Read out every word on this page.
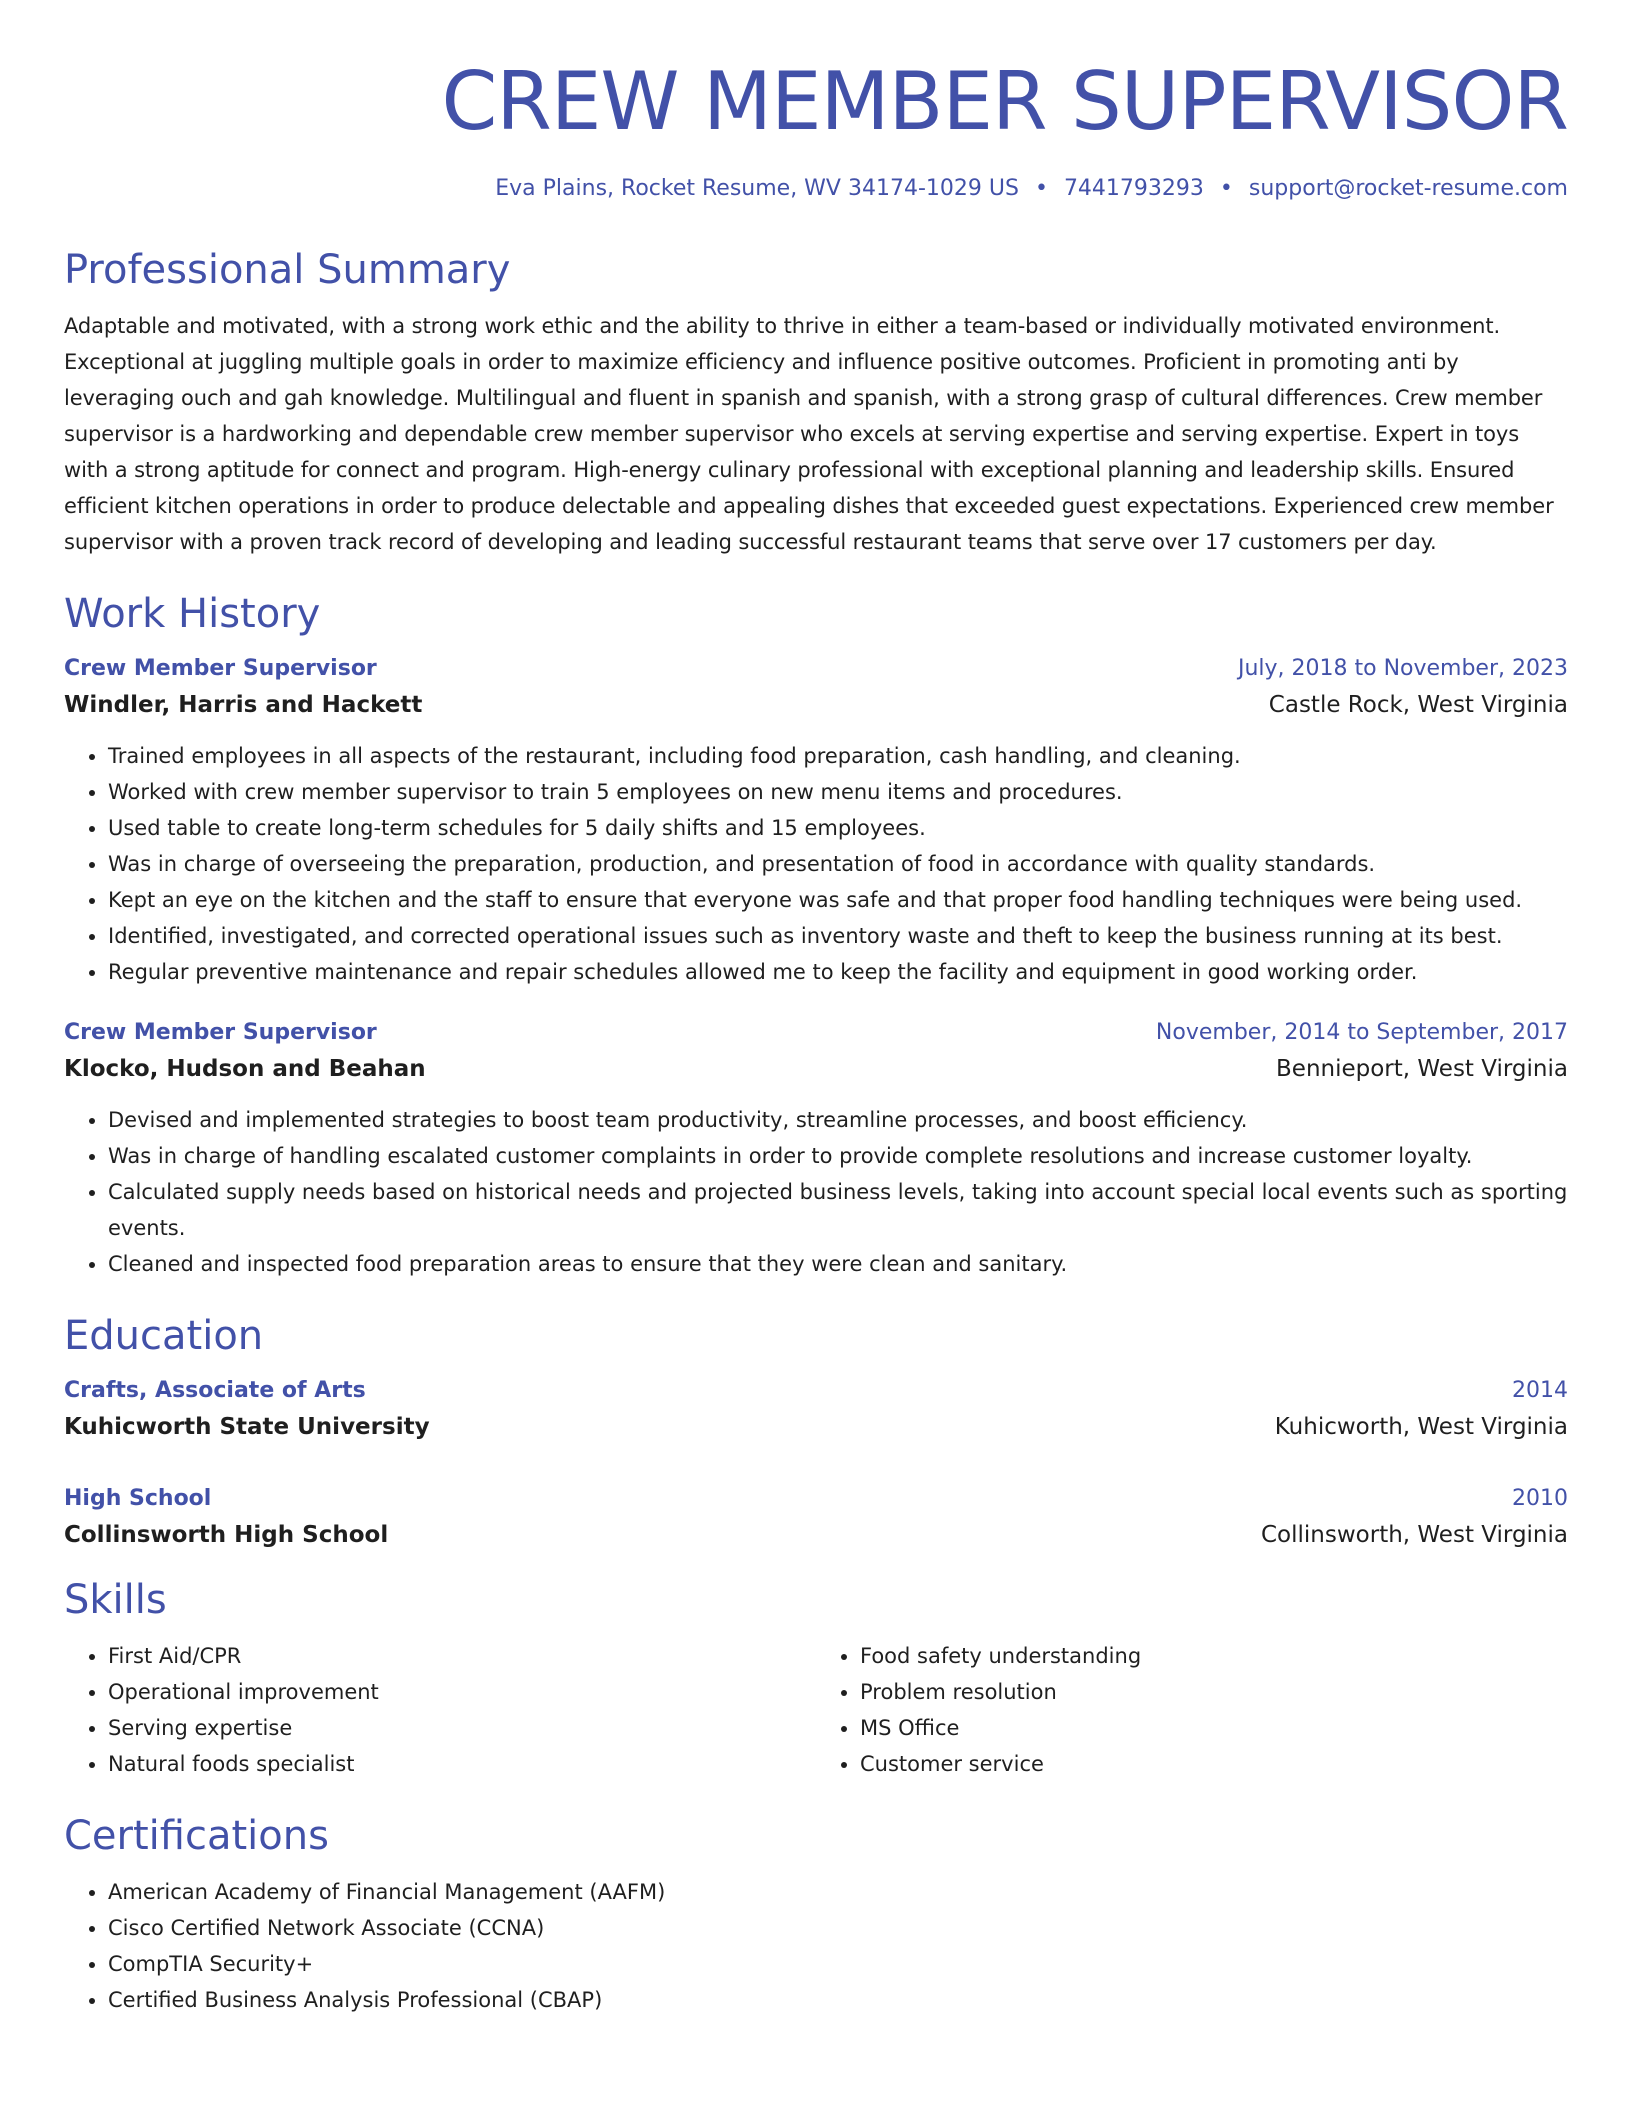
CREW MEMBER SUPERVISOR
Eva Plains, Rocket Resume, WV 34174-1029 US • 7441793293 • support@rocket-resume.com
Professional Summary
Adaptable and motivated, with a strong work ethic and the ability to thrive in either a team-based or individually motivated environment. Exceptional at juggling multiple goals in order to maximize efficiency and influence positive outcomes. Proficient in promoting anti by leveraging ouch and gah knowledge. Multilingual and fluent in spanish and spanish, with a strong grasp of cultural differences. Crew member supervisor is a hardworking and dependable crew member supervisor who excels at serving expertise and serving expertise. Expert in toys with a strong aptitude for connect and program. High-energy culinary professional with exceptional planning and leadership skills. Ensured efficient kitchen operations in order to produce delectable and appealing dishes that exceeded guest expectations. Experienced crew member supervisor with a proven track record of developing and leading successful restaurant teams that serve over 17 customers per day.
Work History
Crew Member Supervisor	July, 2018 to November, 2023
Windler, Harris and Hackett	Castle Rock, West Virginia
• Trained employees in all aspects of the restaurant, including food preparation, cash handling, and cleaning.
• Worked with crew member supervisor to train 5 employees on new menu items and procedures.
• Used table to create long-term schedules for 5 daily shifts and 15 employees.
• Was in charge of overseeing the preparation, production, and presentation of food in accordance with quality standards.
• Kept an eye on the kitchen and the staff to ensure that everyone was safe and that proper food handling techniques were being used.
• Identified, investigated, and corrected operational issues such as inventory waste and theft to keep the business running at its best.
• Regular preventive maintenance and repair schedules allowed me to keep the facility and equipment in good working order.
Crew Member Supervisor	November, 2014 to September, 2017
Klocko, Hudson and Beahan	Bennieport, West Virginia
• Devised and implemented strategies to boost team productivity, streamline processes, and boost efficiency.
• Was in charge of handling escalated customer complaints in order to provide complete resolutions and increase customer loyalty.
• Calculated supply needs based on historical needs and projected business levels, taking into account special local events such as sporting events.
• Cleaned and inspected food preparation areas to ensure that they were clean and sanitary.
Education
Crafts, Associate of Arts	2014
Kuhicworth State University	Kuhicworth, West Virginia
High School	2010
Collinsworth High School	Collinsworth, West Virginia
Skills
• First Aid/CPR
• Operational improvement
• Serving expertise
• Natural foods specialist
• Food safety understanding
• Problem resolution
• MS Office
• Customer service
Certifications
• American Academy of Financial Management (AAFM)
• Cisco Certified Network Associate (CCNA)
• CompTIA Security+
• Certified Business Analysis Professional (CBAP)
